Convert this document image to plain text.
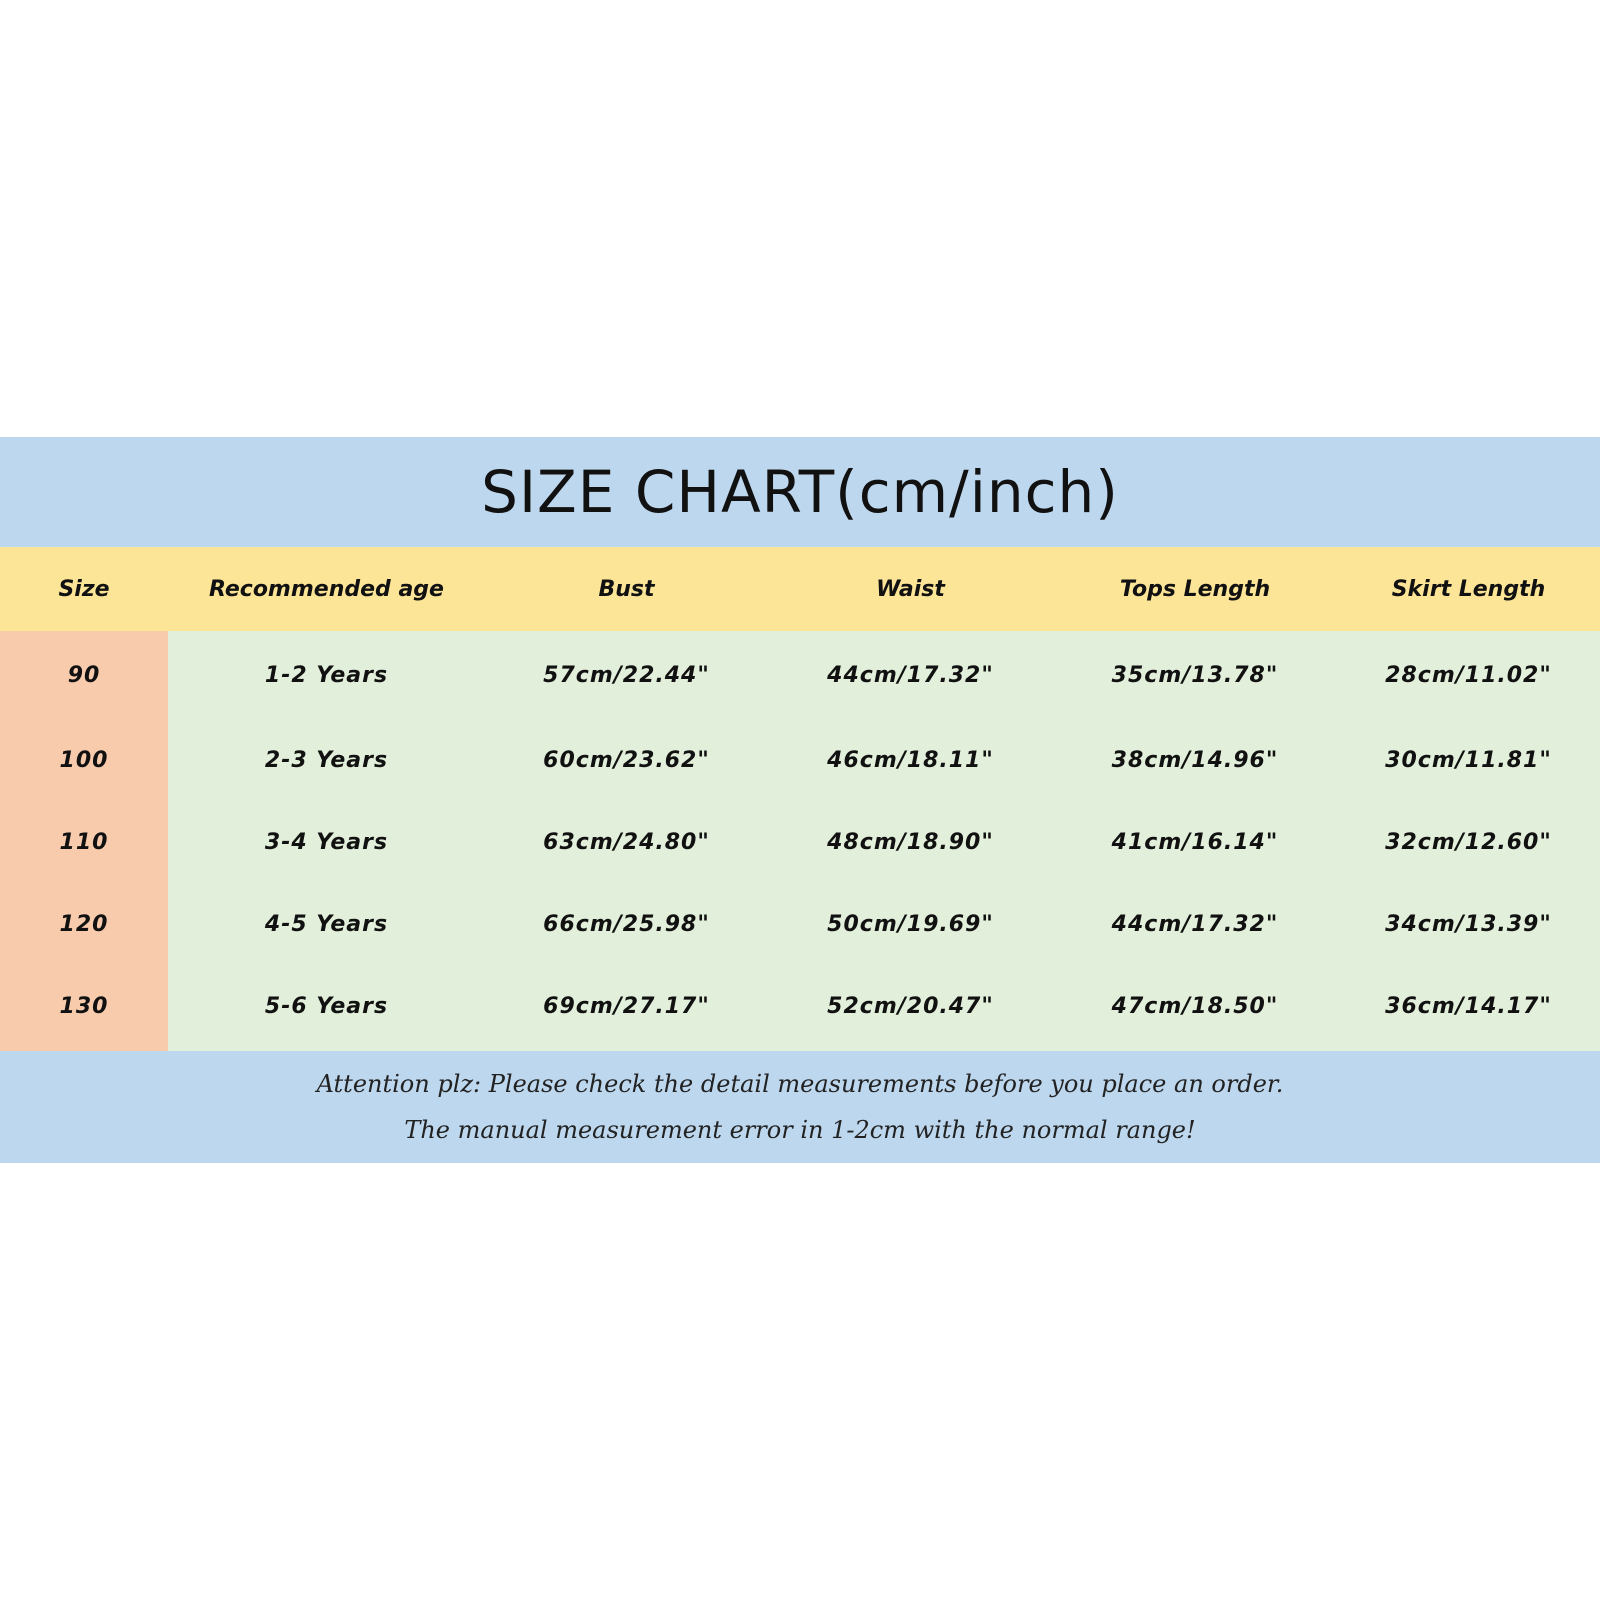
SIZE CHART(cm/inch)
Size	Recommended age	Bust	Waist	Tops Length	Skirt Length
90	1-2 Years	57cm/22.44"	44cm/17.32"	35cm/13.78"	28cm/11.02"
100	2-3 Years	60cm/23.62"	46cm/18.11"	38cm/14.96"	30cm/11.81"
110	3-4 Years	63cm/24.80"	48cm/18.90"	41cm/16.14"	32cm/12.60"
120	4-5 Years	66cm/25.98"	50cm/19.69"	44cm/17.32"	34cm/13.39"
130	5-6 Years	69cm/27.17"	52cm/20.47"	47cm/18.50"	36cm/14.17"
Attention plz: Please check the detail measurements before you place an order.
The manual measurement error in 1-2cm with the normal range!
